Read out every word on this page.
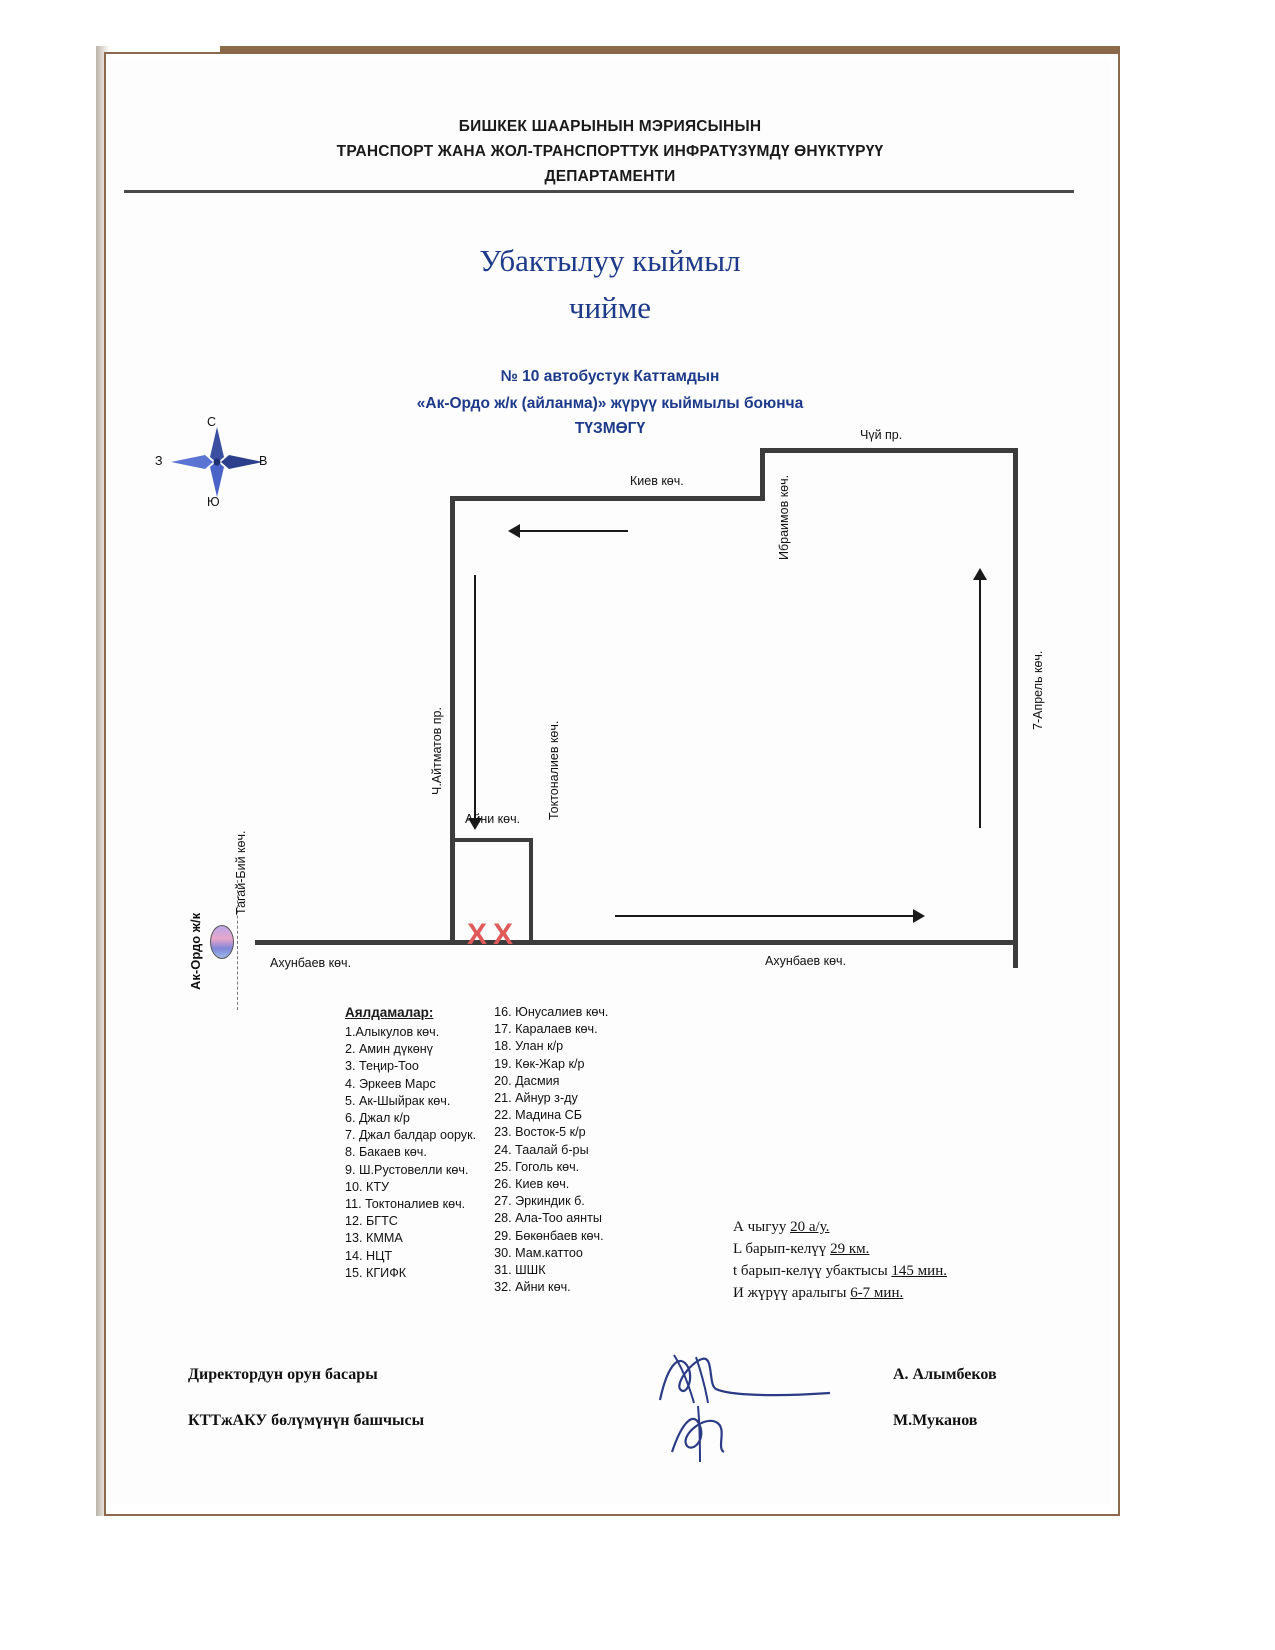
БИШКЕК ШААРЫНЫН МЭРИЯСЫНЫН
ТРАНСПОРТ ЖАНА ЖОЛ-ТРАНСПОРТТУК ИНФРАТҮЗҮМДҮ ӨНҮКТҮРҮҮ
ДЕПАРТАМЕНТИ
Убактылуу кыймыл
чийме
№ 10 автобустук Каттамдын
«Ак-Ордо ж/к (айланма)» жүрүү кыймылы боюнча
ТҮЗМӨГҮ
С
Ю
З	В
ХХ
Чүй пр.
Киев көч.	Ибраимов көч.
7-Апрель көч.
Ч.Айтматов пр.
Айни көч. Токтоналиев көч.
Тагай-Бий көч.
Ахунбаев көч.	Ахунбаев көч.
Ак-Ордо ж/к
Аялдамалар:
1.Алыкулов көч.
2. Амин дүкөнү
3. Теңир-Тоо
4. Эркеев Марс
5. Ак-Шыйрак көч.
6. Джал к/р
7. Джал балдар оорук.
8. Бакаев көч.
9. Ш.Рустовелли көч.
10. КТУ
11. Токтоналиев көч.
12. БГТС
13. КММА
14. НЦТ
15. КГИФК
16. Юнусалиев көч.
17. Каралаев көч.
18. Улан к/р
19. Көк-Жар к/р
20. Дасмия
21. Айнур з-ду
22. Мадина СБ
23. Восток-5 к/р
24. Таалай б-ры
25. Гоголь көч.
26. Киев көч.
27. Эркиндик б.
28. Ала-Тоо аянты
29. Бөкөнбаев көч.
30. Мам.каттоо
31. ШШК
32. Айни көч.
А чыгуу 20 а/у.
L барып-келүү 29 км.
t барып-келүү убактысы 145 мин.
И жүрүү аралыгы 6-7 мин.
Директордун орун басары	А. Алымбеков
КТТжАКУ бөлүмүнүн башчысы	М.Муканов
